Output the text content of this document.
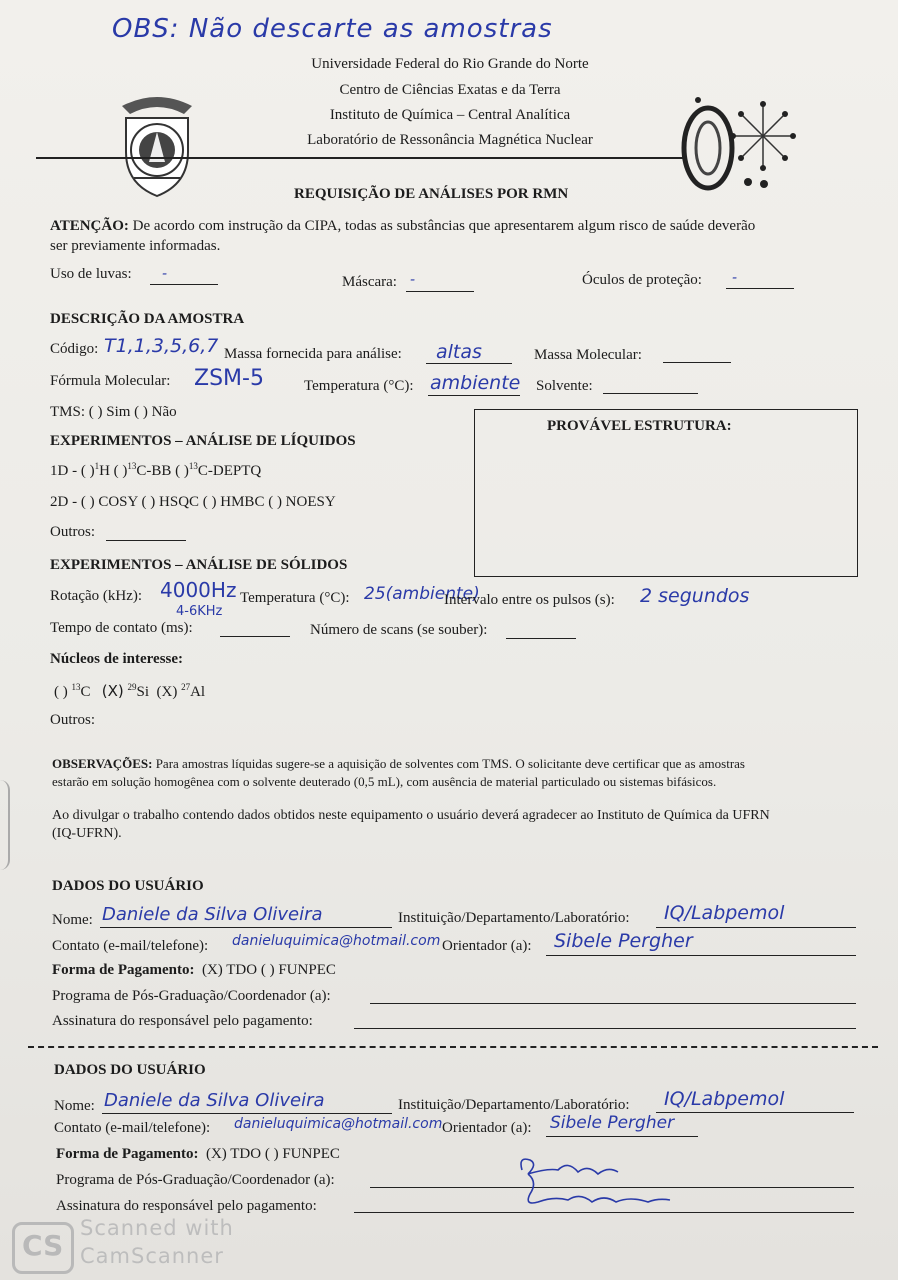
OBS: Não descarte as amostras
Universidade Federal do Rio Grande do Norte
Centro de Ciências Exatas e da Terra
Instituto de Química – Central Analítica
Laboratório de Ressonância Magnética Nuclear
REQUISIÇÃO DE ANÁLISES POR RMN
ATENÇÃO: De acordo com instrução da CIPA, todas as substâncias que apresentarem algum risco de saúde deverão
ser previamente informadas.
Uso de luvas: -	Máscara: -	Óculos de proteção: -
DESCRIÇÃO DA AMOSTRA
Código: T1,1,3,5,6,7 Massa fornecida para análise: altas	Massa Molecular:
Fórmula Molecular: ZSM-5	Temperatura (°C): ambiente Solvente:
TMS: ( ) Sim ( ) Não
EXPERIMENTOS – ANÁLISE DE LÍQUIDOS
1D - ( )$^1$H ( )$^{13}$C-BB ( )$^{13}$C-DEPTQ
2D - ( ) COSY ( ) HSQC ( ) HMBC ( ) NOESY
Outros:
PROVÁVEL ESTRUTURA:
EXPERIMENTOS – ANÁLISE DE SÓLIDOS
Rotação (kHz): 4000Hz
4-6KHz
Temperatura (°C): 25(ambiente)
Intervalo entre os pulsos (s): 2 segundos
Tempo de contato (ms):	Número de scans (se souber):
Núcleos de interesse:
( ) $^{13}$C (X) $^{29}$Si (X) $^{27}$Al
Outros:
OBSERVAÇÕES: Para amostras líquidas sugere-se a aquisição de solventes com TMS. O solicitante deve certificar que as amostras
estarão em solução homogênea com o solvente deuterado (0,5 mL), com ausência de material particulado ou sistemas bifásicos.
Ao divulgar o trabalho contendo dados obtidos neste equipamento o usuário deverá agradecer ao Instituto de Química da UFRN
(IQ-UFRN).
DADOS DO USUÁRIO
Nome: Daniele da Silva Oliveira	Instituição/Departamento/Laboratório: IQ/Labpemol
Contato (e-mail/telefone): danieluquimica@hotmail.com Orientador (a): Sibele Pergher
Forma de Pagamento: (X) TDO ( ) FUNPEC
Programa de Pós-Graduação/Coordenador (a):
Assinatura do responsável pelo pagamento:
DADOS DO USUÁRIO
Nome: Daniele da Silva Oliveira	Instituição/Departamento/Laboratório: IQ/Labpemol
Contato (e-mail/telefone): danieluquimica@hotmail.com Orientador (a): Sibele Pergher
Forma de Pagamento: (X) TDO ( ) FUNPEC
Programa de Pós-Graduação/Coordenador (a):
Assinatura do responsável pelo pagamento:
CS
Scanned with
CamScanner
